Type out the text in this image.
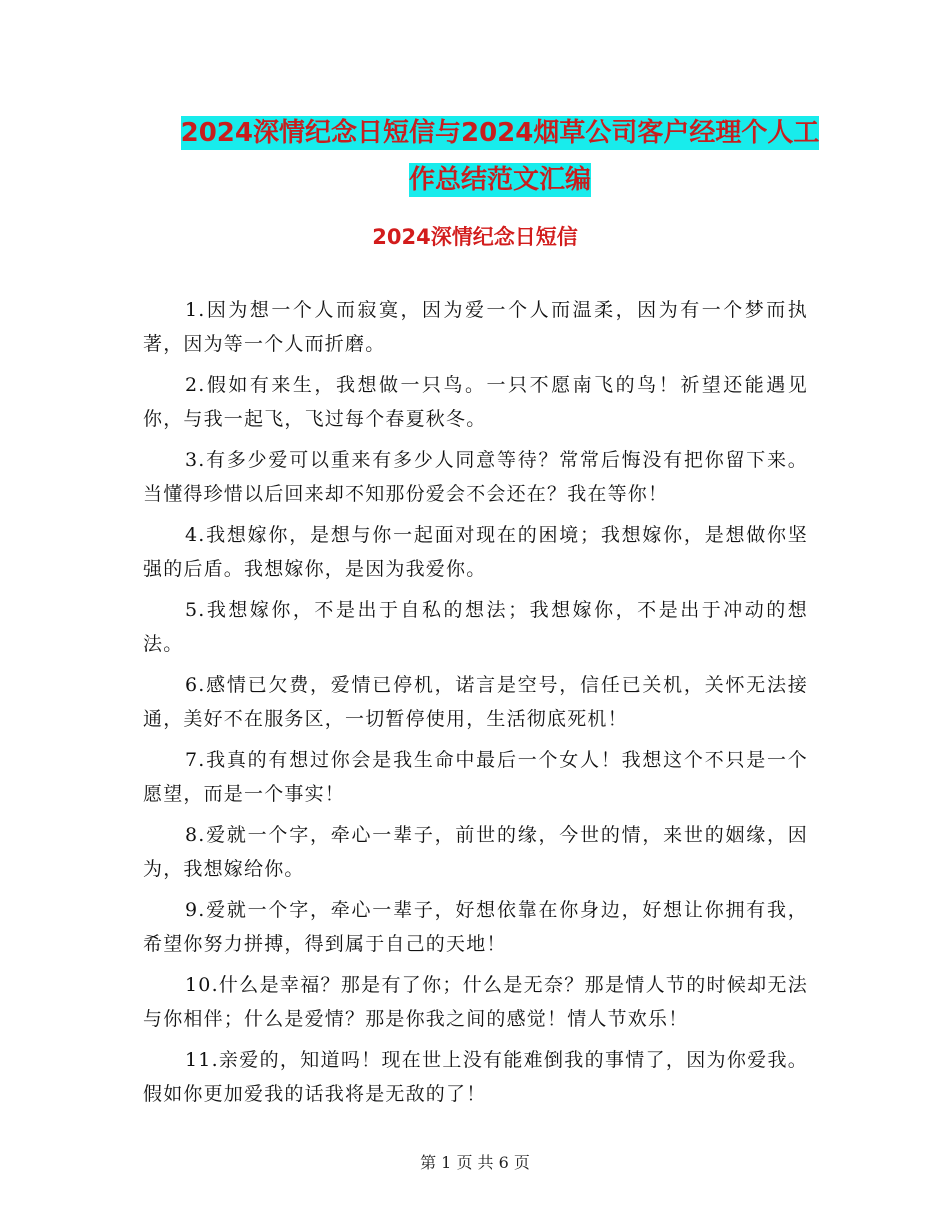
2024深情纪念日短信与2024烟草公司客户经理个人工
作总结范文汇编
2024深情纪念日短信

1.因为想一个人而寂寞，因为爱一个人而温柔，因为有一个梦而执著，因为等一个人而折磨。

2.假如有来生，我想做一只鸟。一只不愿南飞的鸟！祈望还能遇见你，与我一起飞，飞过每个春夏秋冬。

3.有多少爱可以重来有多少人同意等待？常常后悔没有把你留下来。当懂得珍惜以后回来却不知那份爱会不会还在？我在等你！

4.我想嫁你，是想与你一起面对现在的困境；我想嫁你，是想做你坚强的后盾。我想嫁你，是因为我爱你。

5.我想嫁你，不是出于自私的想法；我想嫁你，不是出于冲动的想法。

6.感情已欠费，爱情已停机，诺言是空号，信任已关机，关怀无法接通，美好不在服务区，一切暂停使用，生活彻底死机！

7.我真的有想过你会是我生命中最后一个女人！我想这个不只是一个愿望，而是一个事实！

8.爱就一个字，牵心一辈子，前世的缘，今世的情，来世的姻缘，因为，我想嫁给你。

9.爱就一个字，牵心一辈子，好想依靠在你身边，好想让你拥有我，希望你努力拼搏，得到属于自己的天地！

10.什么是幸福？那是有了你；什么是无奈？那是情人节的时候却无法与你相伴；什么是爱情？那是你我之间的感觉！情人节欢乐！

11.亲爱的，知道吗！现在世上没有能难倒我的事情了，因为你爱我。假如你更加爱我的话我将是无敌的了！

第 1 页 共 6 页
